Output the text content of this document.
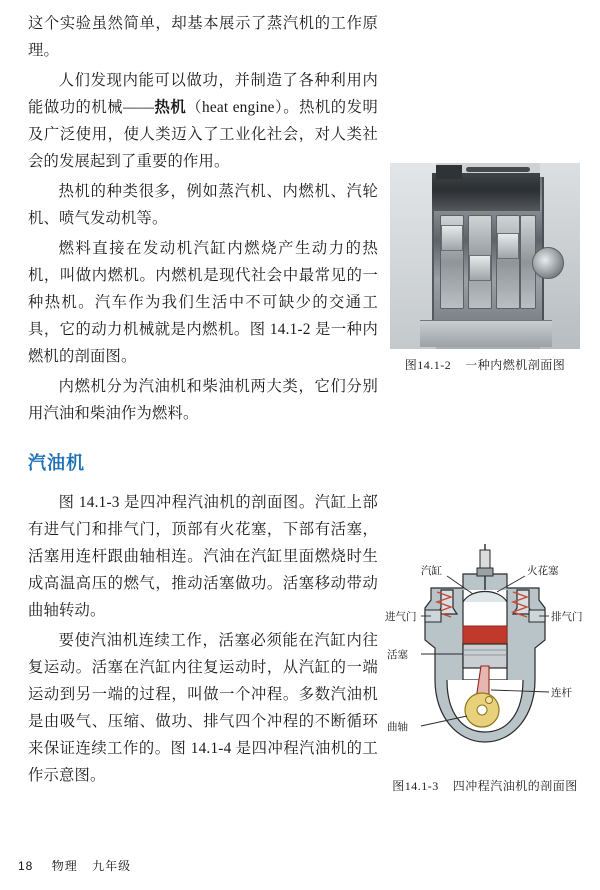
这个实验虽然简单，却基本展示了蒸汽机的工作原理。

人们发现内能可以做功，并制造了各种利用内能做功的机械——热机（heat engine）。热机的发明及广泛使用，使人类迈入了工业化社会，对人类社会的发展起到了重要的作用。

热机的种类很多，例如蒸汽机、内燃机、汽轮机、喷气发动机等。

燃料直接在发动机汽缸内燃烧产生动力的热机，叫做内燃机。内燃机是现代社会中最常见的一种热机。汽车作为我们生活中不可缺少的交通工具，它的动力机械就是内燃机。图 14.1-2 是一种内燃机的剖面图。

内燃机分为汽油机和柴油机两大类，它们分别用汽油和柴油作为燃料。

汽油机

图 14.1-3 是四冲程汽油机的剖面图。汽缸上部有进气门和排气门，顶部有火花塞，下部有活塞，活塞用连杆跟曲轴相连。汽油在汽缸里面燃烧时生成高温高压的燃气，推动活塞做功。活塞移动带动曲轴转动。

要使汽油机连续工作，活塞必须能在汽缸内往复运动。活塞在汽缸内往复运动时，从汽缸的一端运动到另一端的过程，叫做一个冲程。多数汽油机是由吸气、压缩、做功、排气四个冲程的不断循环来保证连续工作的。图 14.1-4 是四冲程汽油机的工作示意图。

图14.1-2 一种内燃机剖面图
汽缸	火花塞
进气门	排气门
活塞
连杆
曲轴
图14.1-3 四冲程汽油机的剖面图
18 物理 九年级
